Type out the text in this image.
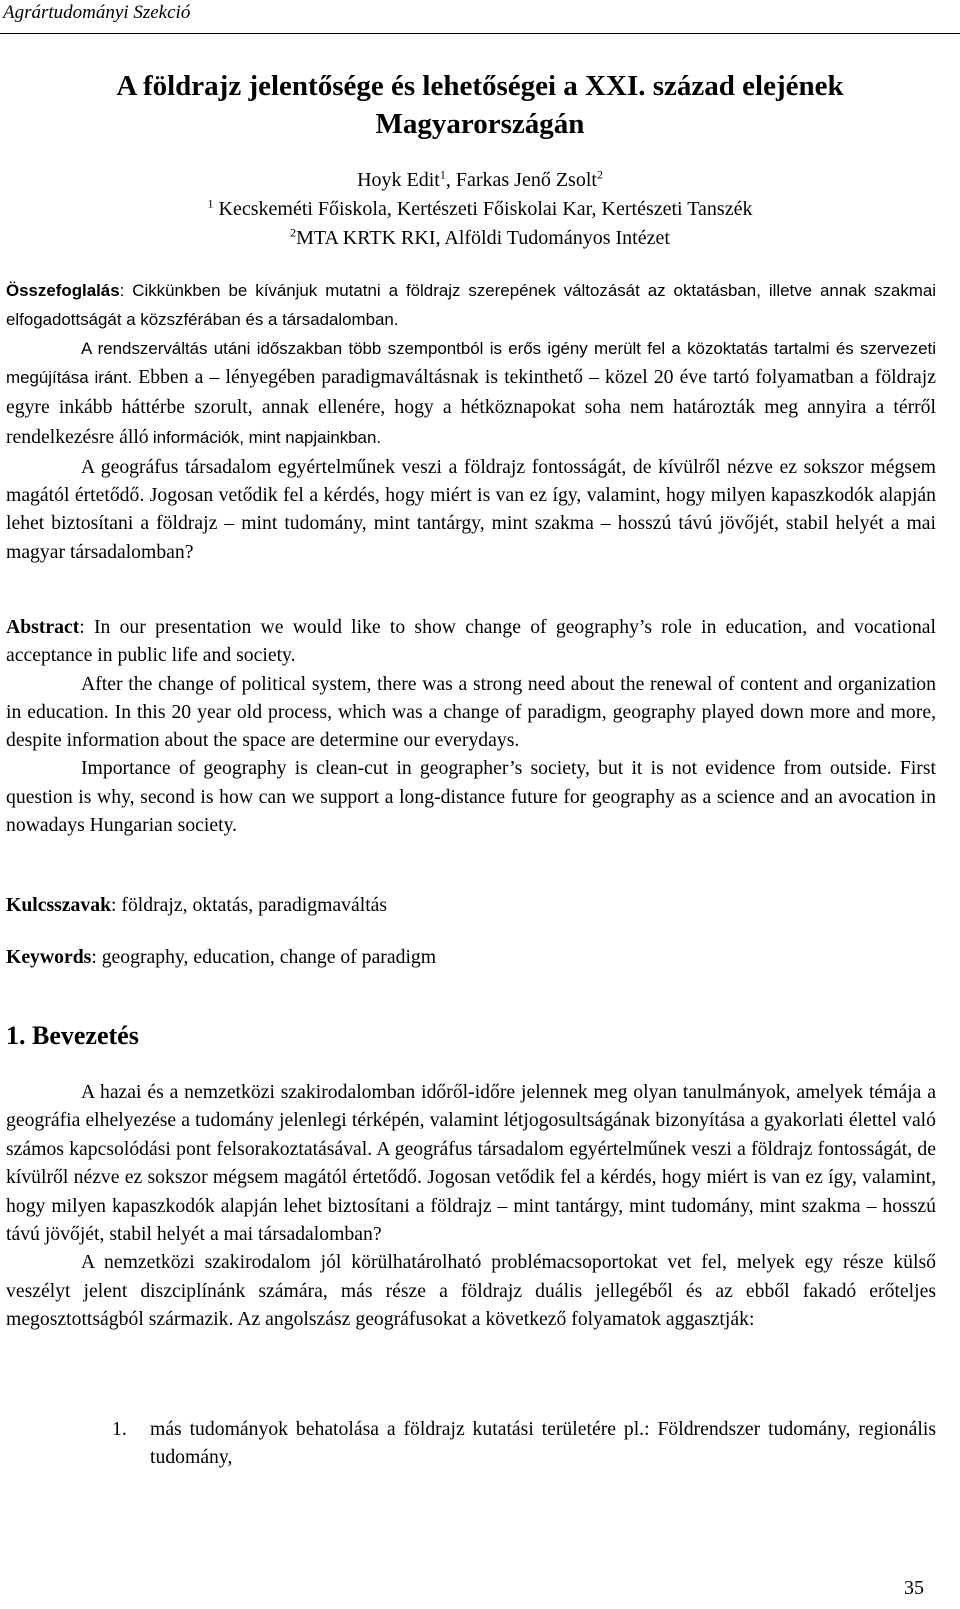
Agrártudományi Szekció
A földrajz jelentősége és lehetőségei a XXI. század elejének
Magyarországán
Hoyk Edit$^1$, Farkas Jenő Zsolt$^2$
$^1$ Kecskeméti Főiskola, Kertészeti Főiskolai Kar, Kertészeti Tanszék
$^2$MTA KRTK RKI, Alföldi Tudományos Intézet

Összefoglalás: Cikkünkben be kívánjuk mutatni a földrajz szerepének változását az oktatásban, illetve annak szakmai elfogadottságát a közszférában és a társadalomban.

A rendszerváltás utáni időszakban több szempontból is erős igény merült fel a közoktatás tartalmi és szervezeti megújítása iránt. Ebben a – lényegében paradigmaváltásnak is tekinthető – közel 20 éve tartó folyamatban a földrajz egyre inkább háttérbe szorult, annak ellenére, hogy a hétköznapokat soha nem határozták meg annyira a térről rendelkezésre álló információk, mint napjainkban.

A geográfus társadalom egyértelműnek veszi a földrajz fontosságát, de kívülről nézve ez sokszor mégsem magától értetődő. Jogosan vetődik fel a kérdés, hogy miért is van ez így, valamint, hogy milyen kapaszkodók alapján lehet biztosítani a földrajz – mint tudomány, mint tantárgy, mint szakma – hosszú távú jövőjét, stabil helyét a mai magyar társadalomban?

Abstract: In our presentation we would like to show change of geography’s role in education, and vocational acceptance in public life and society.

After the change of political system, there was a strong need about the renewal of content and organization in education. In this 20 year old process, which was a change of paradigm, geography played down more and more, despite information about the space are determine our everydays.

Importance of geography is clean-cut in geographer’s society, but it is not evidence from outside. First question is why, second is how can we support a long-distance future for geography as a science and an avocation in nowadays Hungarian society.

Kulcsszavak: földrajz, oktatás, paradigmaváltás
Keywords: geography, education, change of paradigm
1. Bevezetés

A hazai és a nemzetközi szakirodalomban időről-időre jelennek meg olyan tanulmányok, amelyek témája a geográfia elhelyezése a tudomány jelenlegi térképén, valamint létjogosultságának bizonyítása a gyakorlati élettel való számos kapcsolódási pont felsorakoztatásával. A geográfus társadalom egyértelműnek veszi a földrajz fontosságát, de kívülről nézve ez sokszor mégsem magától értetődő. Jogosan vetődik fel a kérdés, hogy miért is van ez így, valamint, hogy milyen kapaszkodók alapján lehet biztosítani a földrajz – mint tantárgy, mint tudomány, mint szakma – hosszú távú jövőjét, stabil helyét a mai társadalomban?

A nemzetközi szakirodalom jól körülhatárolható problémacsoportokat vet fel, melyek egy része külső veszélyt jelent diszciplínánk számára, más része a földrajz duális jellegéből és az ebből fakadó erőteljes megosztottságból származik. Az angolszász geográfusokat a következő folyamatok aggasztják:

1. más tudományok behatolása a földrajz kutatási területére pl.: Földrendszer tudomány, regionális tudomány,

35
